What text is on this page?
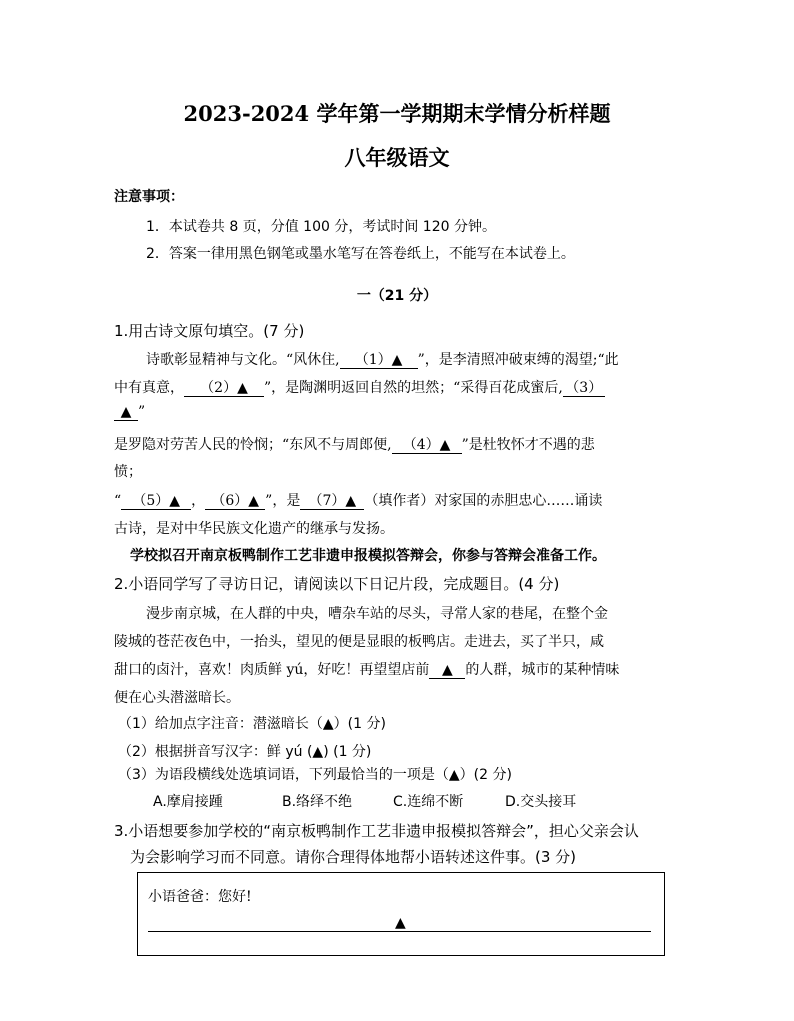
2023-2024 学年第一学期期末学情分析样题
八年级语文
注意事项：
1．本试卷共 8 页，分值 100 分，考试时间 120 分钟。
2．答案一律用黑色钢笔或墨水笔写在答卷纸上，不能写在本试卷上。
一（21 分）
1.用古诗文原句填空。(7 分)
诗歌彰显精神与文化。“风休住, （1）▲ ”，是李清照冲破束缚的渴望;“此
中有真意， （2）▲ ”，是陶渊明返回自然的坦然；“采得百花成蜜后, （3）
▲ ”
是罗隐对劳苦人民的怜悯；“东风不与周郎便, （4）▲ ”是杜牧怀才不遇的悲
愤；
“ （5）▲ ， （6）▲ ”，是 （7）▲ （填作者）对家国的赤胆忠心……诵读
古诗，是对中华民族文化遗产的继承与发扬。
学校拟召开南京板鸭制作工艺非遗申报模拟答辩会，你参与答辩会准备工作。
2.小语同学写了寻访日记，请阅读以下日记片段，完成题目。(4 分)
漫步南京城，在人群的中央，嘈杂车站的尽头，寻常人家的巷尾，在整个金
陵城的苍茫夜色中，一抬头，望见的便是显眼的板鸭店。走进去，买了半只，咸
甜口的卤汁，喜欢！肉质鲜 yú，好吃！再望望店前 ▲ 的人群，城市的某种情味
便在心头潜滋暗长。
（1）给加点字注音：潜滋暗长（▲）(1 分)
（2）根据拼音写汉字：鲜 yú (▲) (1 分)
（3）为语段横线处选填词语，下列最恰当的一项是（▲）(2 分)
A.摩肩接踵	B.络绎不绝	C.连绵不断	D.交头接耳
3.小语想要参加学校的“南京板鸭制作工艺非遗申报模拟答辩会”，担心父亲会认
为会影响学习而不同意。请你合理得体地帮小语转述这件事。(3 分)
小语爸爸：您好!
▲
